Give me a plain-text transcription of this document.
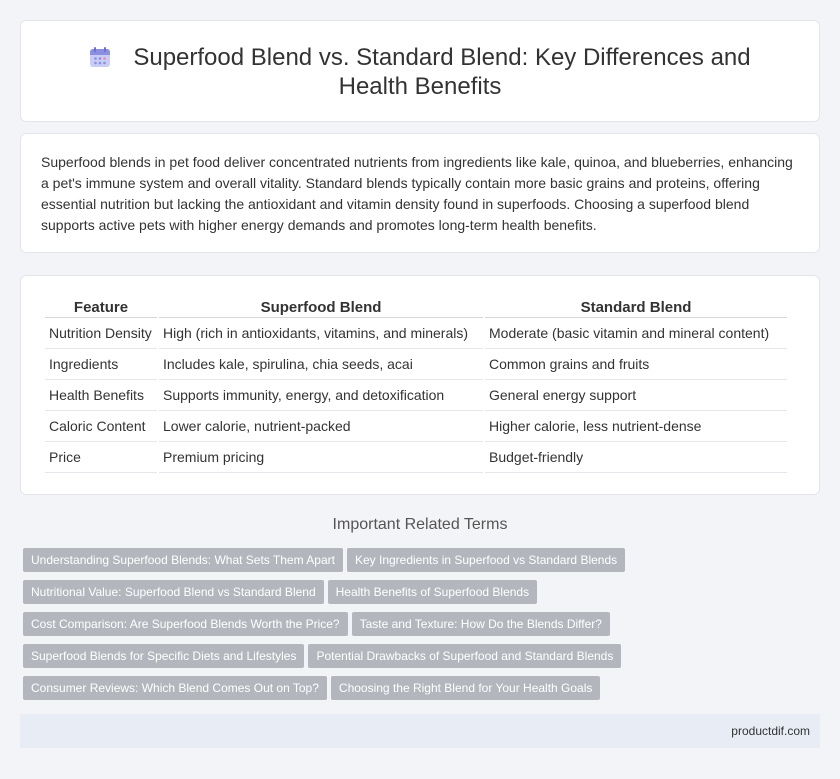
Superfood Blend vs. Standard Blend: Key Differences and Health Benefits

Superfood blends in pet food deliver concentrated nutrients from ingredients like kale, quinoa, and blueberries, enhancing a pet's immune system and overall vitality. Standard blends typically contain more basic grains and proteins, offering essential nutrition but lacking the antioxidant and vitamin density found in superfoods. Choosing a superfood blend supports active pets with higher energy demands and promotes long-term health benefits.

Feature	Superfood Blend	Standard Blend
Nutrition Density	High (rich in antioxidants, vitamins, and minerals)	Moderate (basic vitamin and mineral content)
Ingredients	Includes kale, spirulina, chia seeds, acai	Common grains and fruits
Health Benefits	Supports immunity, energy, and detoxification	General energy support
Caloric Content	Lower calorie, nutrient-packed	Higher calorie, less nutrient-dense
Price	Premium pricing	Budget-friendly
Important Related Terms
Understanding Superfood Blends: What Sets Them Apart Key Ingredients in Superfood vs Standard Blends
Nutritional Value: Superfood Blend vs Standard Blend Health Benefits of Superfood Blends
Cost Comparison: Are Superfood Blends Worth the Price? Taste and Texture: How Do the Blends Differ?
Superfood Blends for Specific Diets and Lifestyles Potential Drawbacks of Superfood and Standard Blends
Consumer Reviews: Which Blend Comes Out on Top? Choosing the Right Blend for Your Health Goals
productdif.com
